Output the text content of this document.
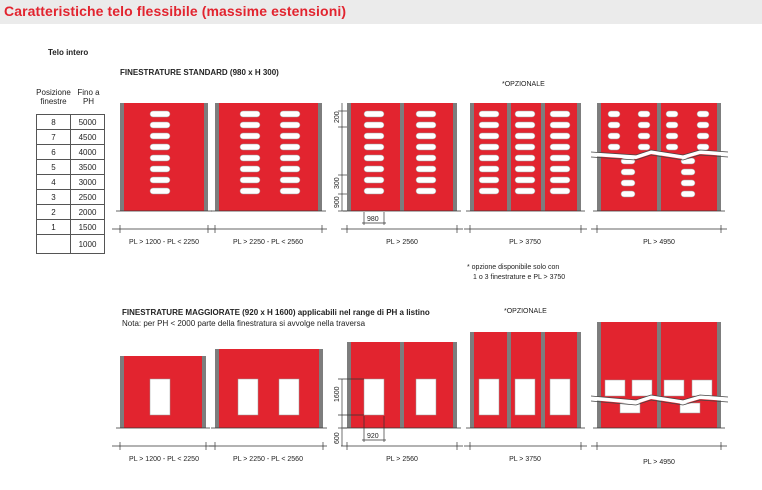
Caratteristiche telo flessibile (massime estensioni)
Telo intero
Posizione
finestre
Fino a
PH
8	5000
7	4500
6	4000
5	3500
4	3000
3	2500
2	2000
1	1500
	1000
FINESTRATURE STANDARD (980 x H 300)
*OPZIONALE
* opzione disponibile solo con
1 o 3 finestrature e PL > 3750
FINESTRATURE MAGGIORATE (920 x H 1600) applicabili nel range di PH a listino
Nota: per PH < 2000 parte della finestratura si avvolge nella traversa
*OPZIONALE
200
300
900
980
1600
600	920
PL > 1200 - PL < 2250	PL > 2250 - PL < 2560	PL > 2560	PL > 3750	PL > 4950
PL > 1200 - PL < 2250	PL > 2250 - PL < 2560	PL > 2560	PL > 3750	PL > 4950
